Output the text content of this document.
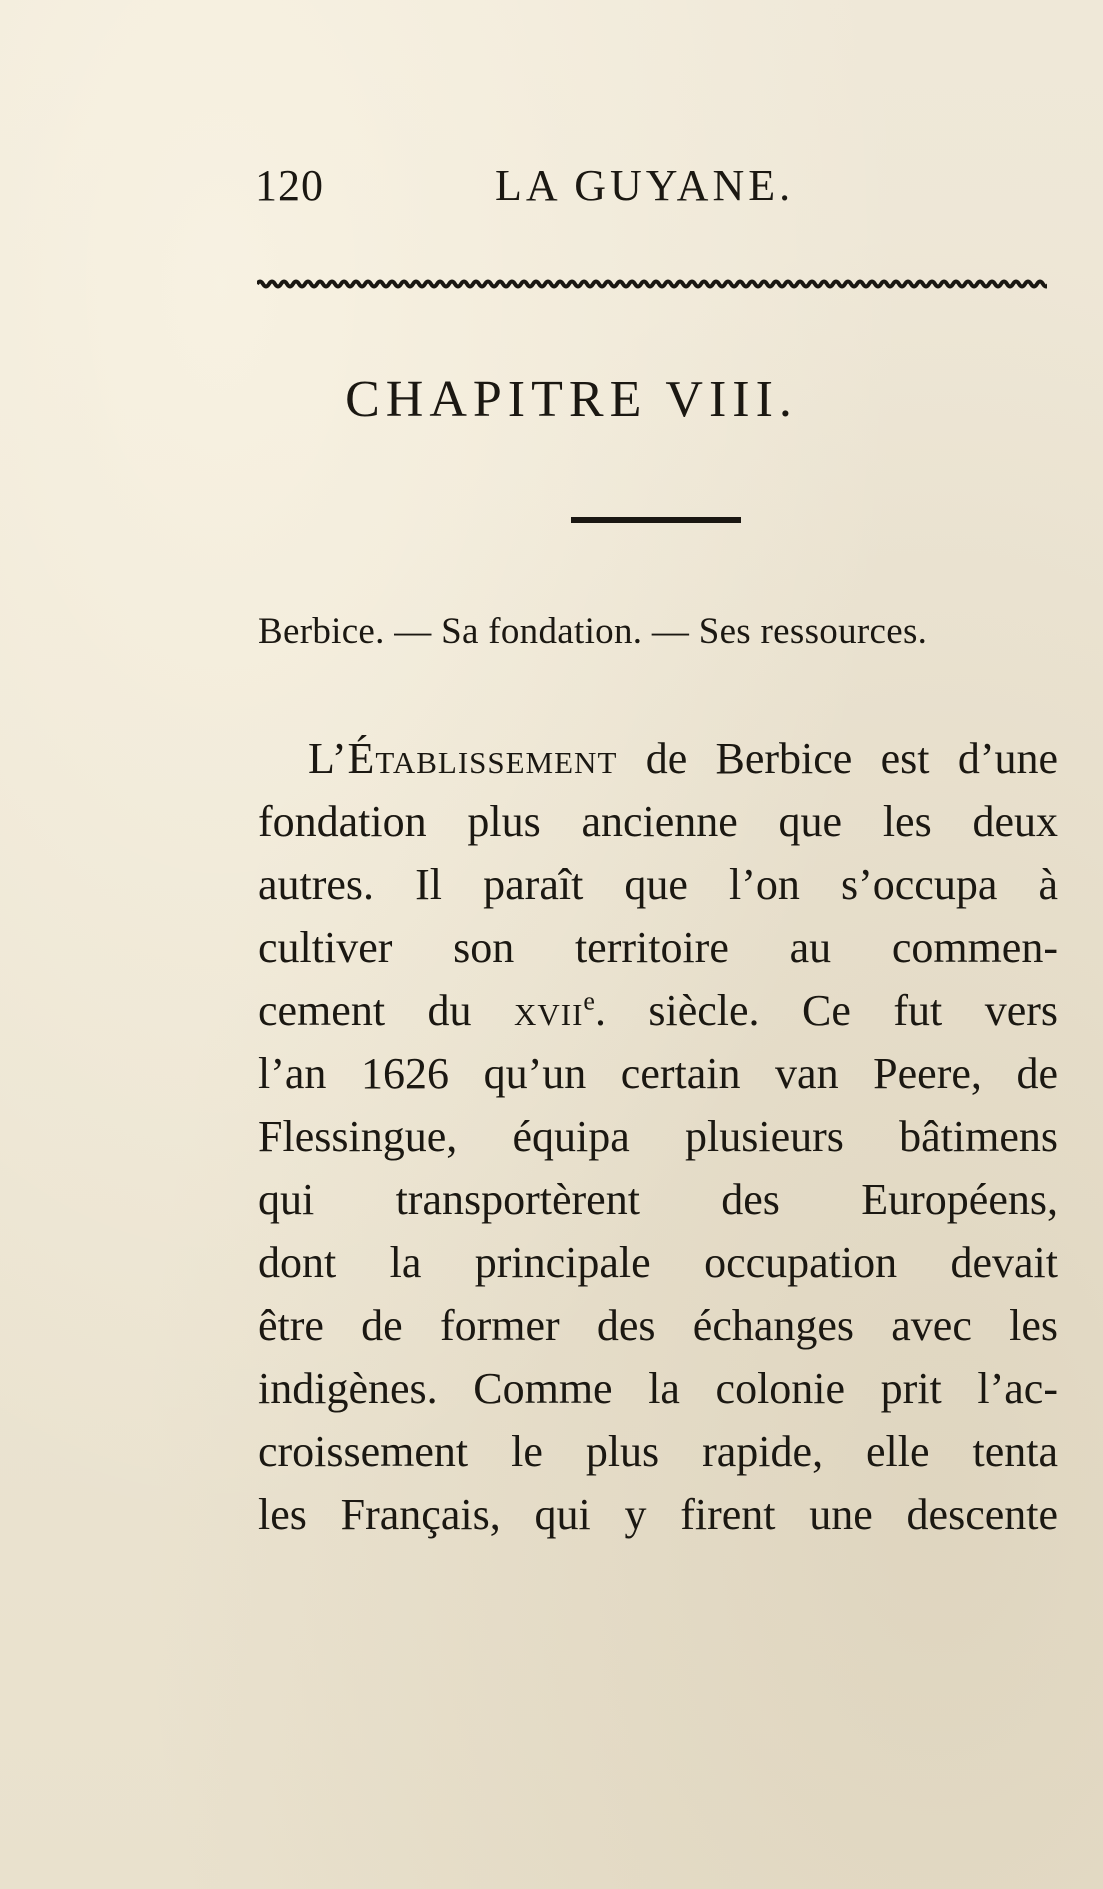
120	LA GUYANE.
CHAPITRE VIII.
Berbice. — Sa fondation. — Ses ressources.
L’Établissement de Berbice est d’une
fondation plus ancienne que les deux
autres. Il paraît que l’on s’occupa à
cultiver son territoire au commen-
cement du xvii$^e$. siècle. Ce fut vers
l’an 1626 qu’un certain van Peere, de
Flessingue, équipa plusieurs bâtimens
qui transportèrent des Européens,
dont la principale occupation devait
être de former des échanges avec les
indigènes. Comme la colonie prit l’ac-
croissement le plus rapide, elle tenta
les Français, qui y firent une descente
